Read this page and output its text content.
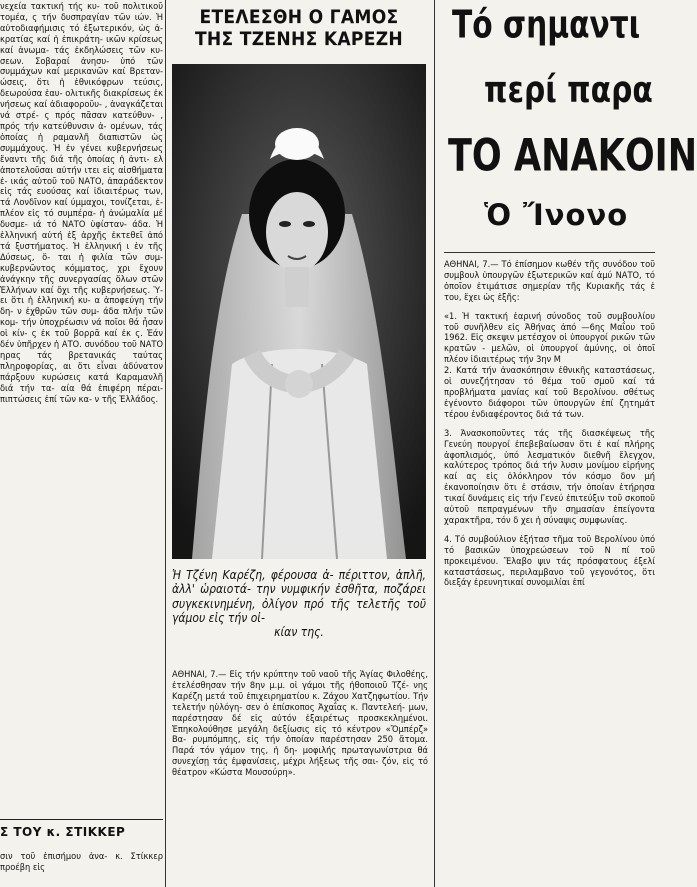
νεχεία τακτική τής κυ- τοῦ πολιτικοῦ τομέα, ς τήν δυσπραγίαν τῶν ιών. Ἡ αὐτοδιαφήμισις τό ἐξωτερικόν, ὡς ἀ- κρατίας καί ἡ ἐπικράτη- ικῶν κρίσεως καί ἀνωμα- τάς ἐκδηλώσεις τῶν κυ- σεων. Σοβαραί ἀνησυ- ὑπό τῶν συμμάχων καί μερικανῶν καί Βρεταν- ώσεις, ὅτι ἡ ἐθνικόφρων τεύσις, δεωρούσα ἑαυ- ολιτικῆς διακρίσεως ἐκ νήσεως καί ἀδιαφοροῦυ- , ἀναγκάζεται νά στρέ- ς πρός πᾶσαν κατεύθυν- , πρός τήν κατεύθυνσιν ἀ- ομένων, τάς ὁποίας ἡ ραμανλῆ διαπιστῶν ὡς συμμάχους. Ἡ ἐν γένει κυβερνήσεως ἔναντι τῆς διά τῆς ὁποίας ἡ ἀντι- ελ ἀποτελοῦσαι αὐτήν ιτει εἰς αἰσθήματα ἐ- ικάς αὐτοῦ τοῦ ΝΑΤΟ, ἀπαράδεκτον εἰς τάς ευούσας καί ἰδιαιτέρως των, τά Λονδῖνον καί ύμμαχοι, τονίζεται, ἐ- πλέον εἰς τό συμπέρα- ἡ ἀνώμαλία μέ δυσμε- ιά τό ΝΑΤΟ ὑφίσταν- άδα. Ἡ ἑλληνική αὐτή ἐξ ἀρχῆς ἐκτεθεῖ ἀπό τά ξυστήματος. Ἡ ἑλληνική ι ἐν τῆς Δύσεως, ὅ- ται ἡ φιλία τῶν συμ- κυβερνῶντος κόμματος, χρι ἔχουν ἀνάγκην τῆς συνεργασίας ὅλων στῶν Ἑλλήνων καί ὄχι τῆς κυβερνήσεως. Ὑ- ει ὅτι ἡ ἑλληνική κυ- α ἀποφεύγη τήν δη- ν ἐχθρῶν τῶν συμ- άδα πλήν τῶν κομ- τήν ὑποχρέωσιν νά ποῖοι θά ἦσαν οἱ κίν- ς ἐκ τοῦ βορρᾶ καί ἐκ ς. Ἐάν δέν ὑπῆρχεν ἡ ΑΤΟ. συνόδου τοῦ ΝΑΤΟ ηρας τάς βρετανικάς ταύτας πληροφορίας, αι ὅτι εἶναι ἀδύνατον πάρξουν κυρώσεις κατά Καραμανλῆ διά τήν τα- αία θά ἐπιφέρη πέραι- πιπτώσεις ἐπί τῶν κα- ν τῆς Ἑλλάδος.

Σ ΤΟΥ κ. ΣΤΙΚΚΕΡ

σιν τοῦ ἐπισήμου ἀνα- κ. Στίκκερ προέβη εἰς

ΕΤΕΛΕΣΘΗ Ο ΓΑΜΟΣ
ΤΗΣ ΤΖΕΝΗΣ ΚΑΡΕΖΗ
Ἡ Τζένη Καρέζη, φέρουσα ἀ- πέριττον, ἁπλῆ, ἀλλ' ὡραιοτά- την νυμφικήν ἐσθῆτα, ποζάρει συγκεκινημένη, ὀλίγον πρό τῆς τελετῆς τοῦ γάμου εἰς τήν οἰ-
κίαν της.

ΑΘΗΝΑΙ, 7.— Εἰς τήν κρύπτην τοῦ ναοῦ τῆς Ἁγίας Φιλοθέης, ἐτελέσθησαν τήν 8ην μ.μ. οἱ γάμοι τῆς ἠθοποιοῦ Τζέ- νης Καρέζη μετά τοῦ ἐπιχειρηματίου κ. Ζάχου Χατζηφωτίου. Τήν τελετήν ηὐλόγη- σεν ὁ ἐπίσκοπος Ἀχαΐας κ. Παντελεή- μων, παρέστησαν δέ εἰς αὐτόν ἐξαιρέτως προσκεκλημένοι. Ἐπηκολούθησε μεγάλη δεξίωσις εἰς τό κέντρον «Ὄμπέρζ» Βα- ρυμπόμπης, εἰς τήν ὁποίαν παρέστησαν 250 ἄτομα. Παρά τόν γάμον της, ἡ δη- μοφιλής πρωταγωνίστρια θά συνεχίσῃ τάς ἐμφανίσεις, μέχρι λήξεως τῆς σαι- ζόν, εἰς τό θέατρον «Κώστα Μουσούρη».

Τό σημαντι
περί παρα
ΤΟ ΑΝΑΚΟΙΝ
Ὁ Ἴνονο

ΑΘΗΝΑΙ, 7.— Τό ἐπίσημον κωθέν τῆς συνόδου τοῦ συμβουλ ὑπουργῶν ἐξωτερικῶν καί ἀμύ ΝΑΤΟ, τό ὁποῖον ἐτιμάτισε σημερίαν τῆς Κυριακῆς τάς ἐ του, ἔχει ὡς ἑξῆς:

«1. Ἡ τακτική ἐαρινή σύνοδος τοῦ συμβουλίου τοῦ συνῆλθεν εἰς Ἀθήνας ἀπό —6ης Μαΐου τοῦ 1962. Εἰς σκεψιν μετέσχον οἱ ὑπουργοί ρικῶν τῶν κρατῶν - μελῶν, οἱ ὑπουργοί ἀμύνης, οἱ ὁποῖ πλέον ἰδιαιτέρως τήν 3ην Μ

2. Κατά τήν ἀνασκόπησιν ἐθνικῆς καταστάσεως, οἱ συνεζήτησαν τό θέμα τοῦ σμοῦ καί τά προβλήματα μανίας καί τοῦ Βερολίνου. σθέτως ἐγένοντο διάφοροι τῶν ὑπουργῶν ἐπί ζητημάτ τέρου ἐνδιαφέροντος διά τά των.

3. Ἀνασκοποῦντες τάς τῆς διασκέψεως τῆς Γενεύη πουργοί ἐπεβεβαίωσαν ὅτι ἐ καί πλήρης ἀφοπλισμός, ὑπό λεσματικόν διεθνῆ ἔλεγχον, καλύτερος τρόπος διά τήν λυσιν μονίμου εἰρήνης καί ας εἰς ὁλόκληρον τόν κόσμο δον μή ἐκανοποίησιν ὅτι ἐ στάσιν, τήν ὁποίαν ἐτήρησα τικαί δυνάμεις εἰς τήν Γενεύ ἐπιτεύξιν τοῦ σκοποῦ αὐτοῦ πεπραγμένων τῆν σημασίαν ἐπείγοντα χαρακτῆρα, τόν δ χει ἡ σύναψις συμφωνίας.

4. Τό συμβούλιον ἐξήτασ τῆμα τοῦ Βερολίνου ὑπό τό βασικῶν ὑποχρεώσεων τοῦ Ν πί τοῦ προκειμένου. Ἔλαβο ψιν τάς πρόσφατους ἐξελί καταστάσεως, περιλαμβανο τοῦ γεγονότος, ὅτι διεξάγ ἐρευνητικαί συνομιλίαι ἐπί
